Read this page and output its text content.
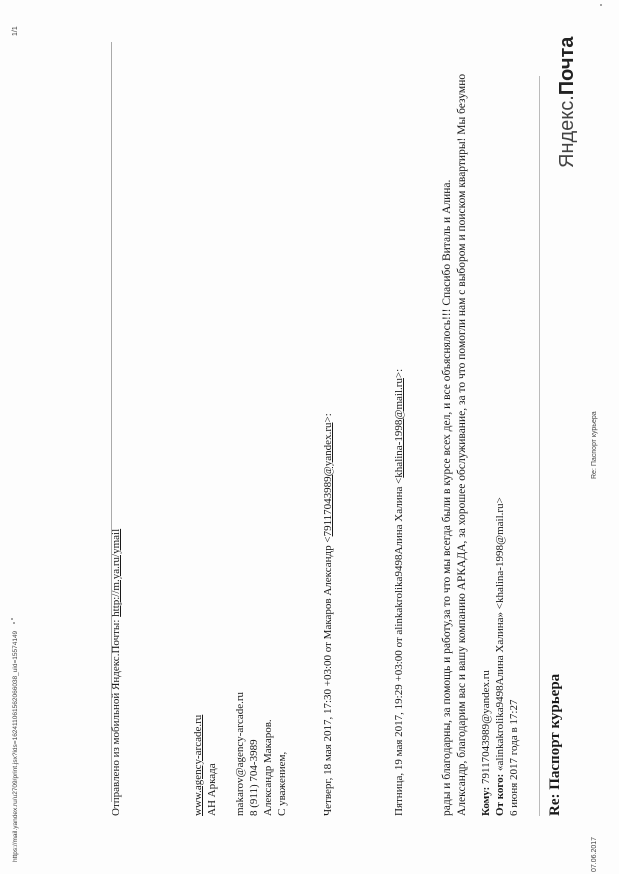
07.06.2017
Re: Паспорт курьера
Яндекс.Почта
Re: Паспорт курьера
6 июня 2017 года в 17:27
От кого: «alinkakrolika9498Алина Халина» <khalina-1998@mail.ru>
Кому: 79117043989@yandex.ru
Александр, благодарим вас и вашу компанию АРКАДА, за хорошее обслуживание, за то что помогли нам с выбором и поиском квартиры! Мы безумно
рады и благодарны, за помощь и работу,за то что мы всегда были в курсе всех дел, и все объяснялось!!! Спасибо Виталь и Алина.
Пятница, 19 мая 2017, 19:29 +03:00 от alinkakrolika9498Алина Халина <khalina-1998@mail.ru>:
Четверг, 18 мая 2017, 17:30 +03:00 от Макаров Александр <79117043989@yandex.ru>:
С уважением,
Александр Макаров.
8 (911) 704-3989
makarov@agency-arcade.ru
АН Аркада
www.agency-arcade.ru
Отправлено из мобильной Яндекс.Почты: http://m.ya.ru/ymail
https://mail.yandex.ru/u2709/print.jsx?ids=162411061562066038_uid=15574149
1/1
